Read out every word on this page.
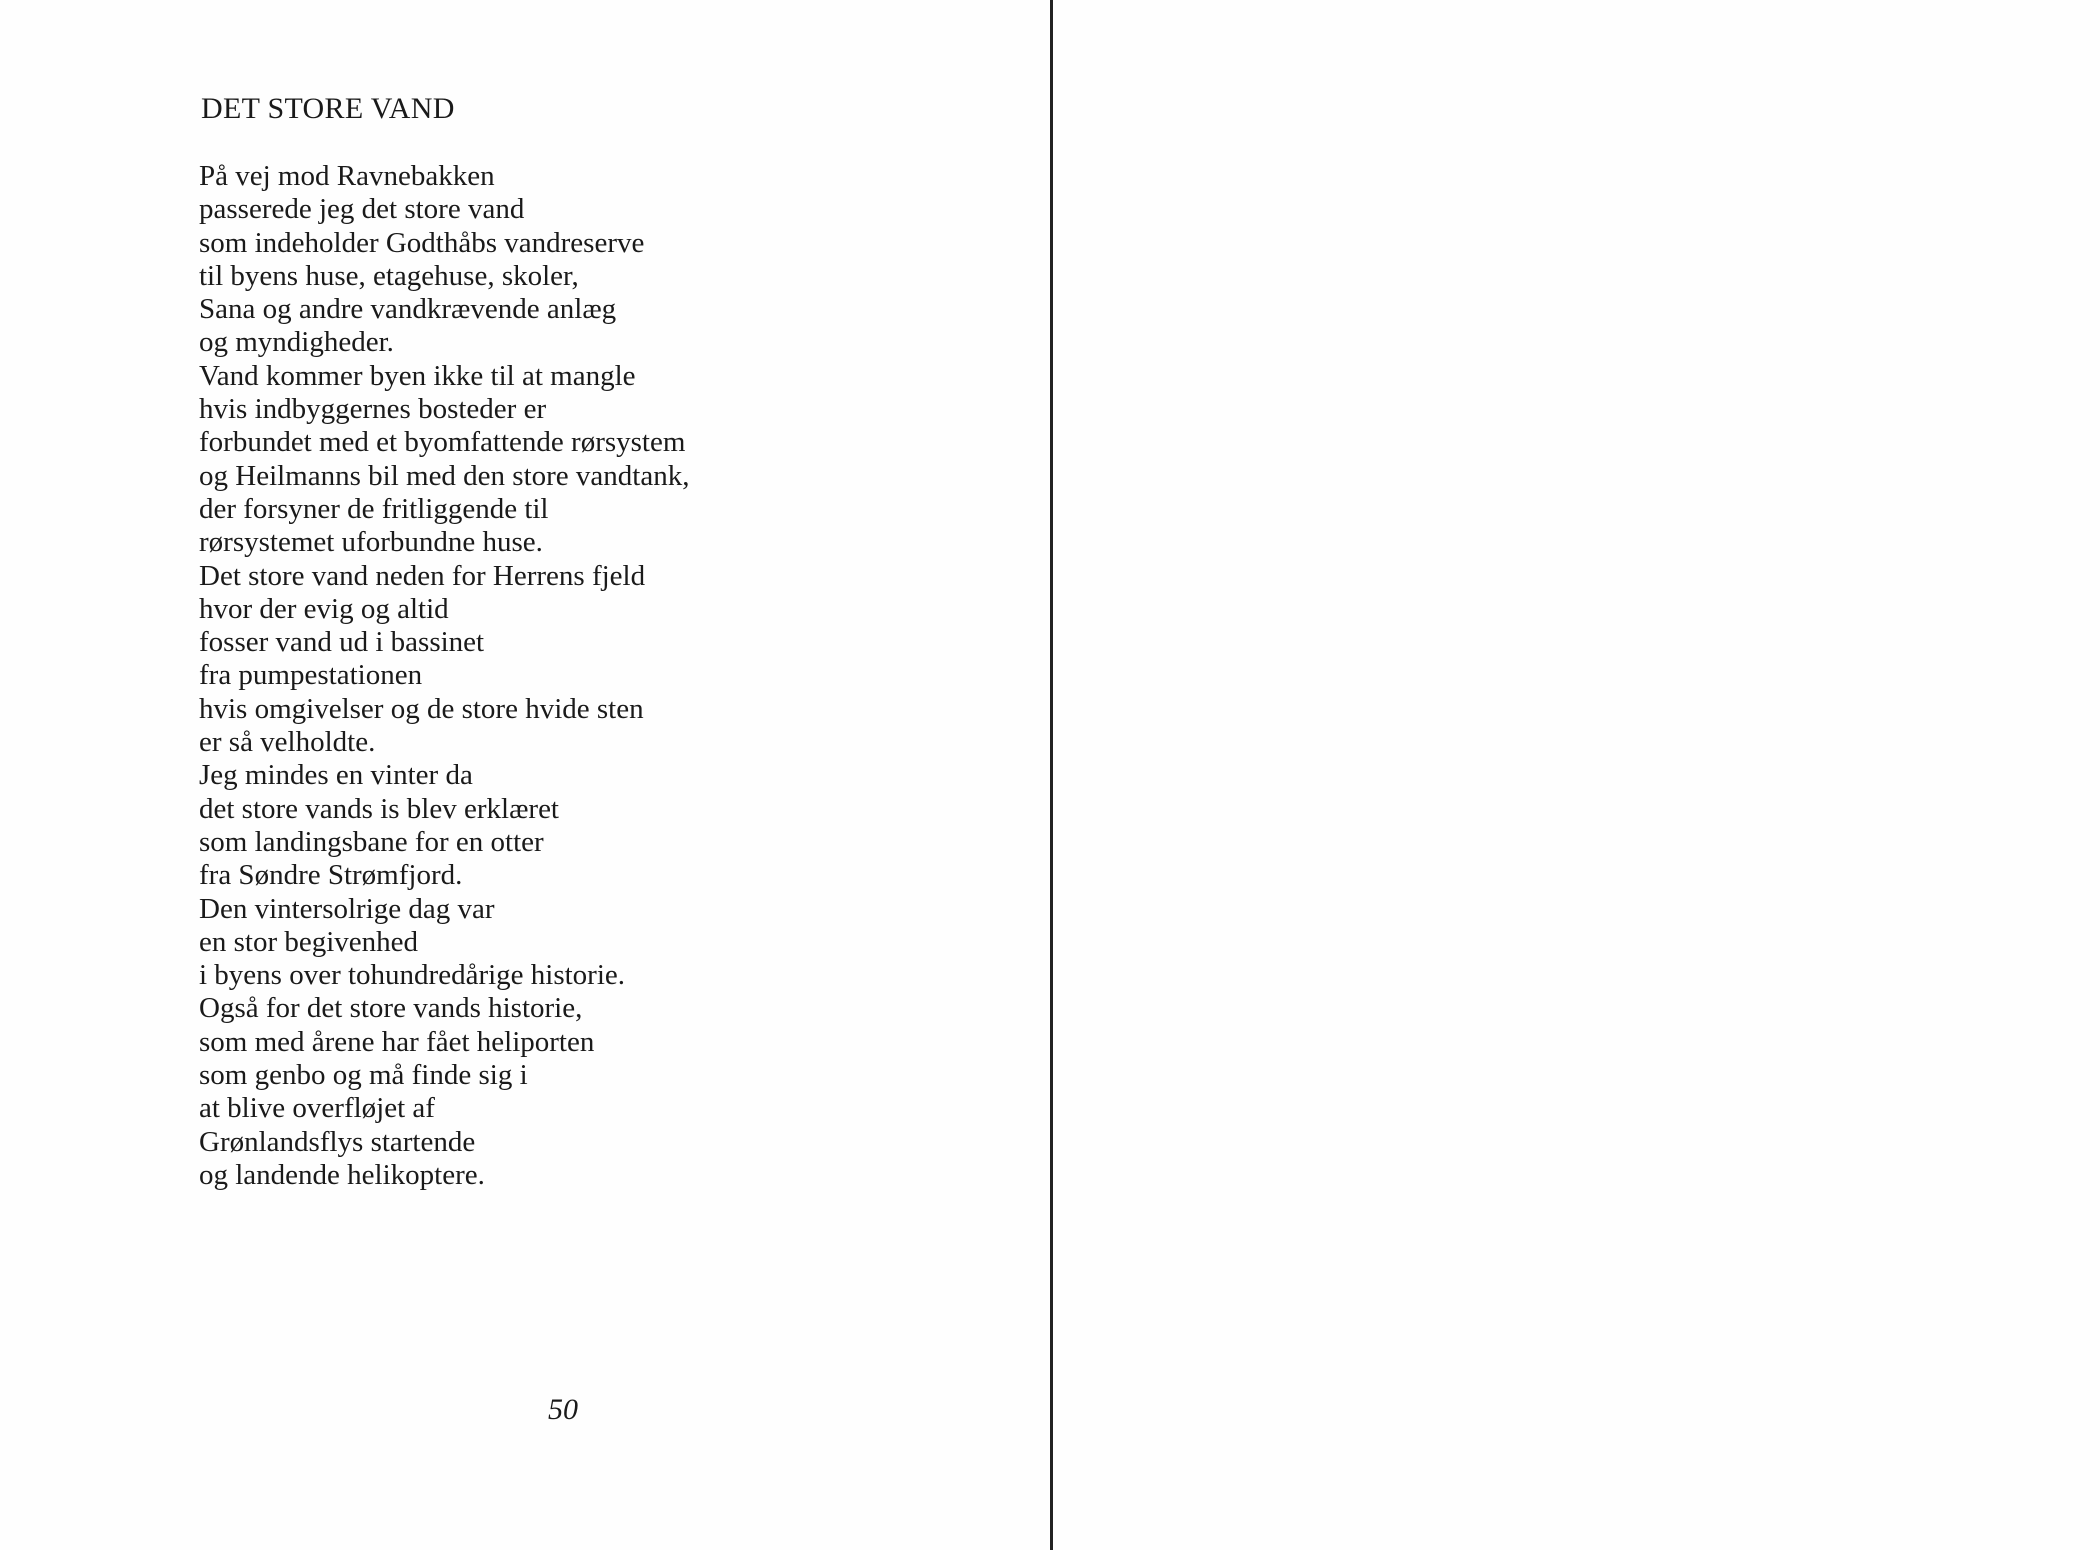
DET STORE VAND
På vej mod Ravnebakken
passerede jeg det store vand
som indeholder Godthåbs vandreserve
til byens huse, etagehuse, skoler,
Sana og andre vandkrævende anlæg
og myndigheder.
Vand kommer byen ikke til at mangle
hvis indbyggernes bosteder er
forbundet med et byomfattende rørsystem
og Heilmanns bil med den store vandtank,
der forsyner de fritliggende til
rørsystemet uforbundne huse.
Det store vand neden for Herrens fjeld
hvor der evig og altid
fosser vand ud i bassinet
fra pumpestationen
hvis omgivelser og de store hvide sten
er så velholdte.
Jeg mindes en vinter da
det store vands is blev erklæret
som landingsbane for en otter
fra Søndre Strømfjord.
Den vintersolrige dag var
en stor begivenhed
i byens over tohundredårige historie.
Også for det store vands historie,
som med årene har fået heliporten
som genbo og må finde sig i
at blive overfløjet af
Grønlandsflys startende
og landende helikoptere.
50
